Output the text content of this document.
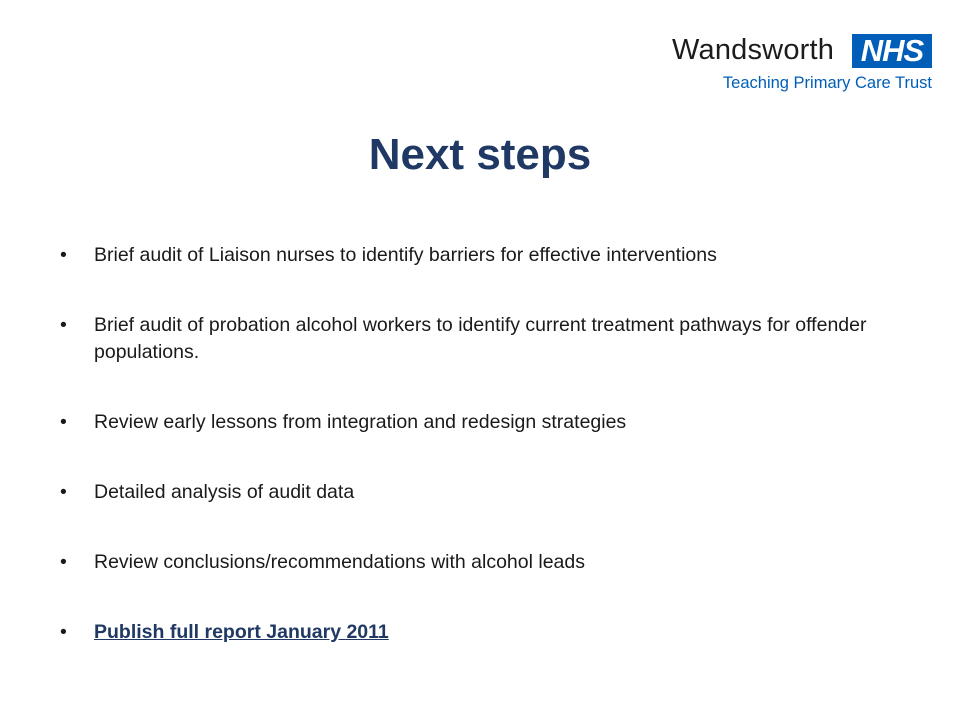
Wandsworth NHS
Teaching Primary Care Trust
Next steps
• Brief audit of Liaison nurses to identify barriers for effective interventions
• Brief audit of probation alcohol workers to identify current treatment pathways for offender populations.
• Review early lessons from integration and redesign strategies
• Detailed analysis of audit data
• Review conclusions/recommendations with alcohol leads
• Publish full report January 2011
